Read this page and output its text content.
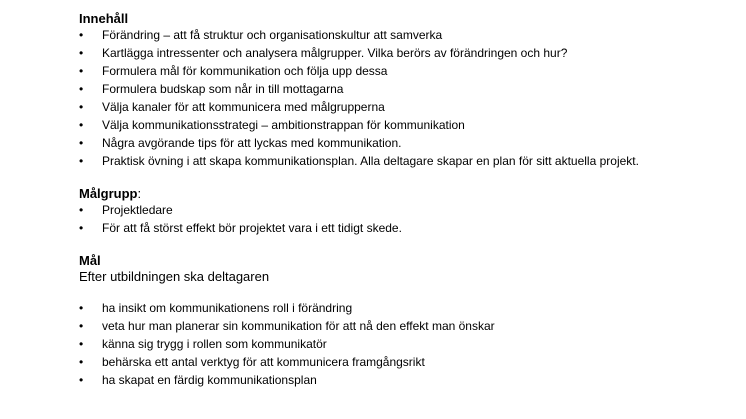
Innehåll

• Förändring – att få struktur och organisationskultur att samverka
• Kartlägga intressenter och analysera målgrupper. Vilka berörs av förändringen och hur?
• Formulera mål för kommunikation och följa upp dessa
• Formulera budskap som når in till mottagarna
• Välja kanaler för att kommunicera med målgrupperna
• Välja kommunikationsstrategi – ambitionstrappan för kommunikation
• Några avgörande tips för att lyckas med kommunikation.
• Praktisk övning i att skapa kommunikationsplan. Alla deltagare skapar en plan för sitt aktuella projekt.

Målgrupp:

• Projektledare
• För att få störst effekt bör projektet vara i ett tidigt skede.

Mål

Efter utbildningen ska deltagaren

• ha insikt om kommunikationens roll i förändring
• veta hur man planerar sin kommunikation för att nå den effekt man önskar
• känna sig trygg i rollen som kommunikatör
• behärska ett antal verktyg för att kommunicera framgångsrikt
• ha skapat en färdig kommunikationsplan
